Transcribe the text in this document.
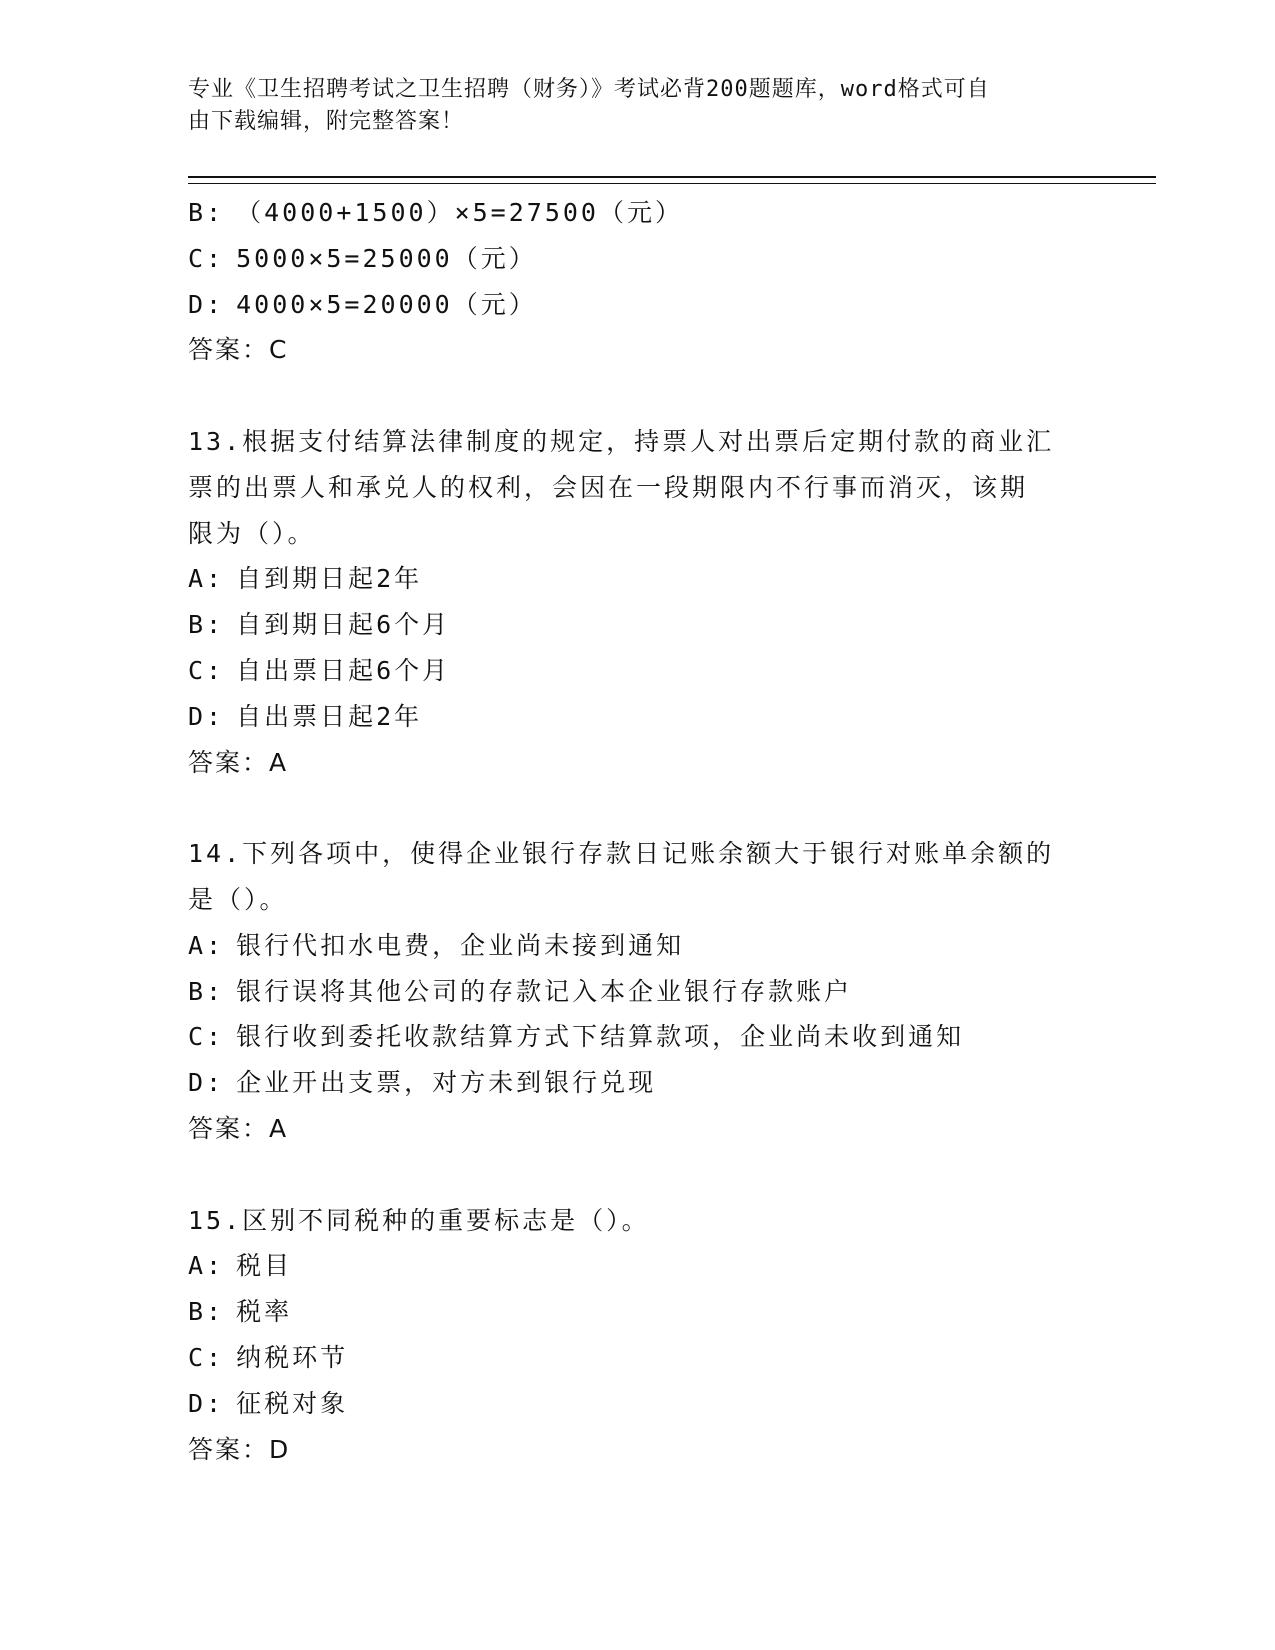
专业《卫生招聘考试之卫生招聘（财务）》考试必背200题题库，word格式可自
由下载编辑，附完整答案！
B: （4000+1500）×5=27500（元）
C: 5000×5=25000（元）
D: 4000×5=20000（元）
答案：C
13.根据支付结算法律制度的规定，持票人对出票后定期付款的商业汇
票的出票人和承兑人的权利，会因在一段期限内不行事而消灭，该期
限为（）。
A: 自到期日起2年
B: 自到期日起6个月
C: 自出票日起6个月
D: 自出票日起2年
答案：A
14.下列各项中，使得企业银行存款日记账余额大于银行对账单余额的
是（）。
A: 银行代扣水电费，企业尚未接到通知
B: 银行误将其他公司的存款记入本企业银行存款账户
C: 银行收到委托收款结算方式下结算款项，企业尚未收到通知
D: 企业开出支票，对方未到银行兑现
答案：A
15.区别不同税种的重要标志是（）。
A: 税目
B: 税率
C: 纳税环节
D: 征税对象
答案：D
